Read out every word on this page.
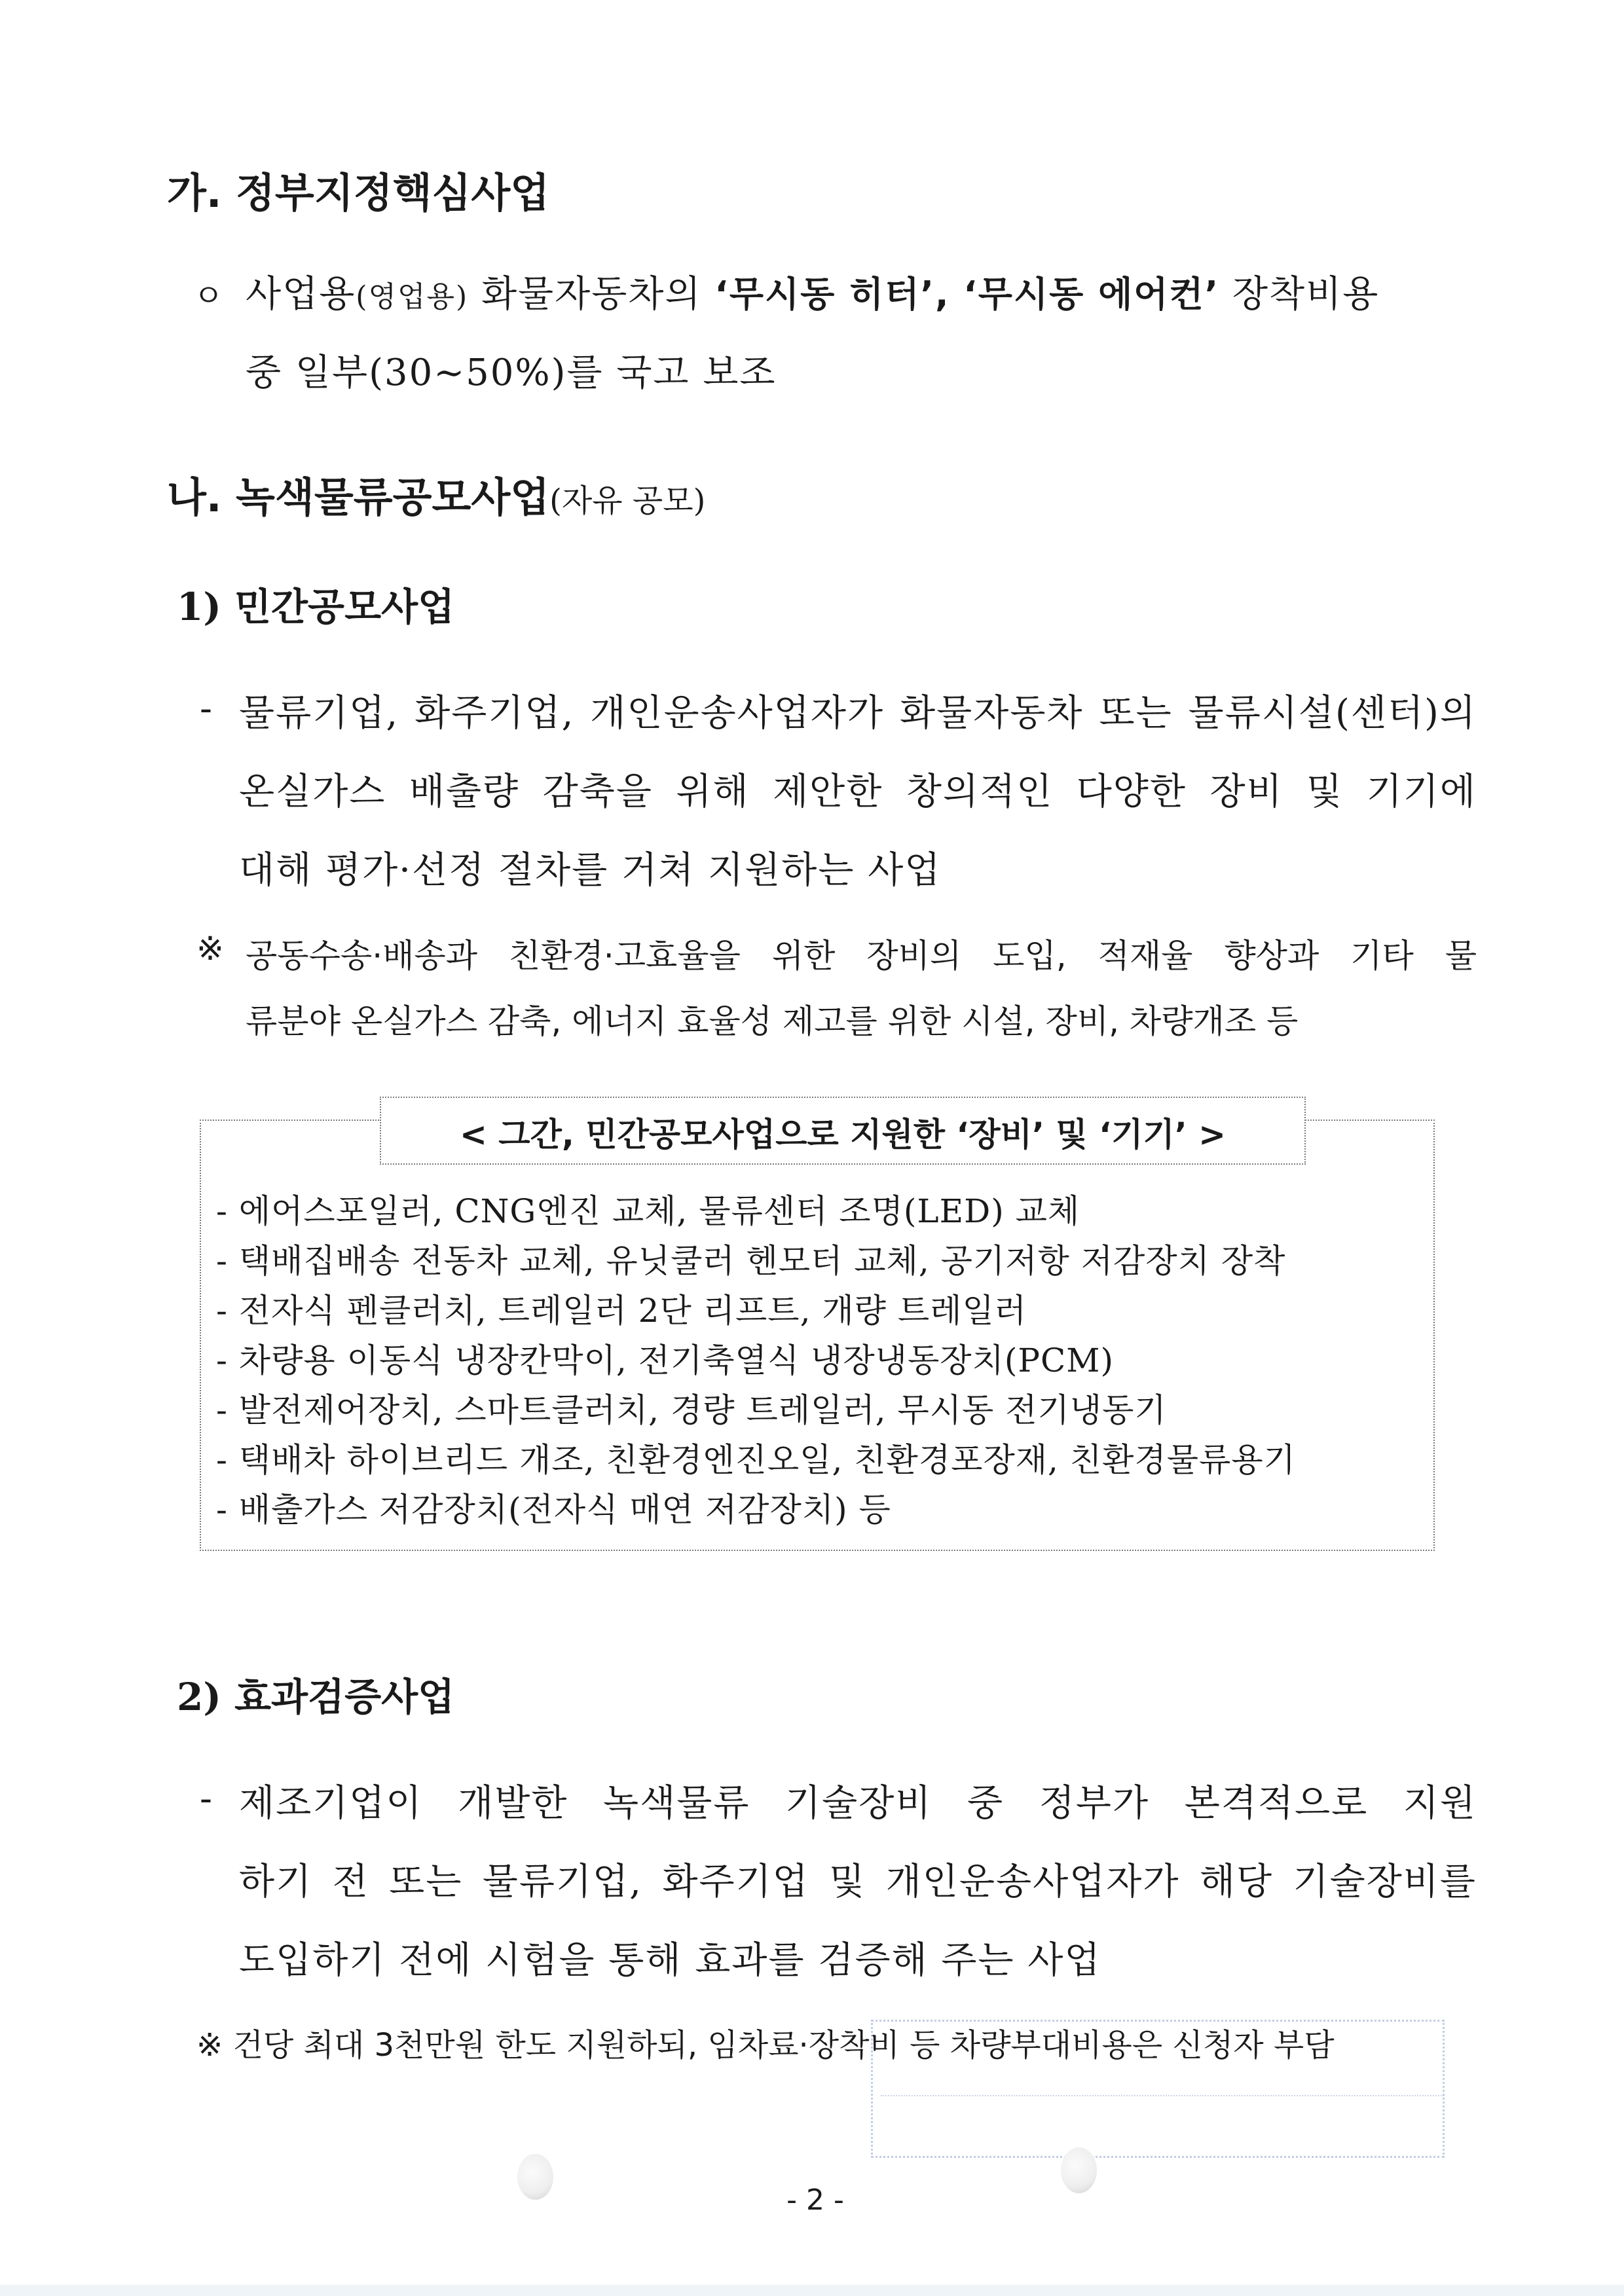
가. 정부지정핵심사업
ㅇ 사업용(영업용) 화물자동차의 ‘무시동 히터’, ‘무시동 에어컨’ 장착비용
중 일부(30∼50%)를 국고 보조
나. 녹색물류공모사업(자유 공모)
1) 민간공모사업
- 물류기업, 화주기업, 개인운송사업자가 화물자동차 또는 물류시설(센터)의
온실가스 배출량 감축을 위해 제안한 창의적인 다양한 장비 및 기기에
대해 평가·선정 절차를 거쳐 지원하는 사업
※ 공동수송·배송과 친환경·고효율을 위한 장비의 도입, 적재율 향상과 기타 물
류분야 온실가스 감축, 에너지 효율성 제고를 위한 시설, 장비, 차량개조 등
< 그간, 민간공모사업으로 지원한 ‘장비’ 및 ‘기기’ >
- 에어스포일러, CNG엔진 교체, 물류센터 조명(LED) 교체
- 택배집배송 전동차 교체, 유닛쿨러 헨모터 교체, 공기저항 저감장치 장착
- 전자식 펜클러치, 트레일러 2단 리프트, 개량 트레일러
- 차량용 이동식 냉장칸막이, 전기축열식 냉장냉동장치(PCM)
- 발전제어장치, 스마트클러치, 경량 트레일러, 무시동 전기냉동기
- 택배차 하이브리드 개조, 친환경엔진오일, 친환경포장재, 친환경물류용기
- 배출가스 저감장치(전자식 매연 저감장치) 등
2) 효과검증사업
- 제조기업이 개발한 녹색물류 기술장비 중 정부가 본격적으로 지원
하기 전 또는 물류기업, 화주기업 및 개인운송사업자가 해당 기술장비를
도입하기 전에 시험을 통해 효과를 검증해 주는 사업
※ 건당 최대 3천만원 한도 지원하되, 임차료·장착비 등 차량부대비용은 신청자 부담
- 2 -
